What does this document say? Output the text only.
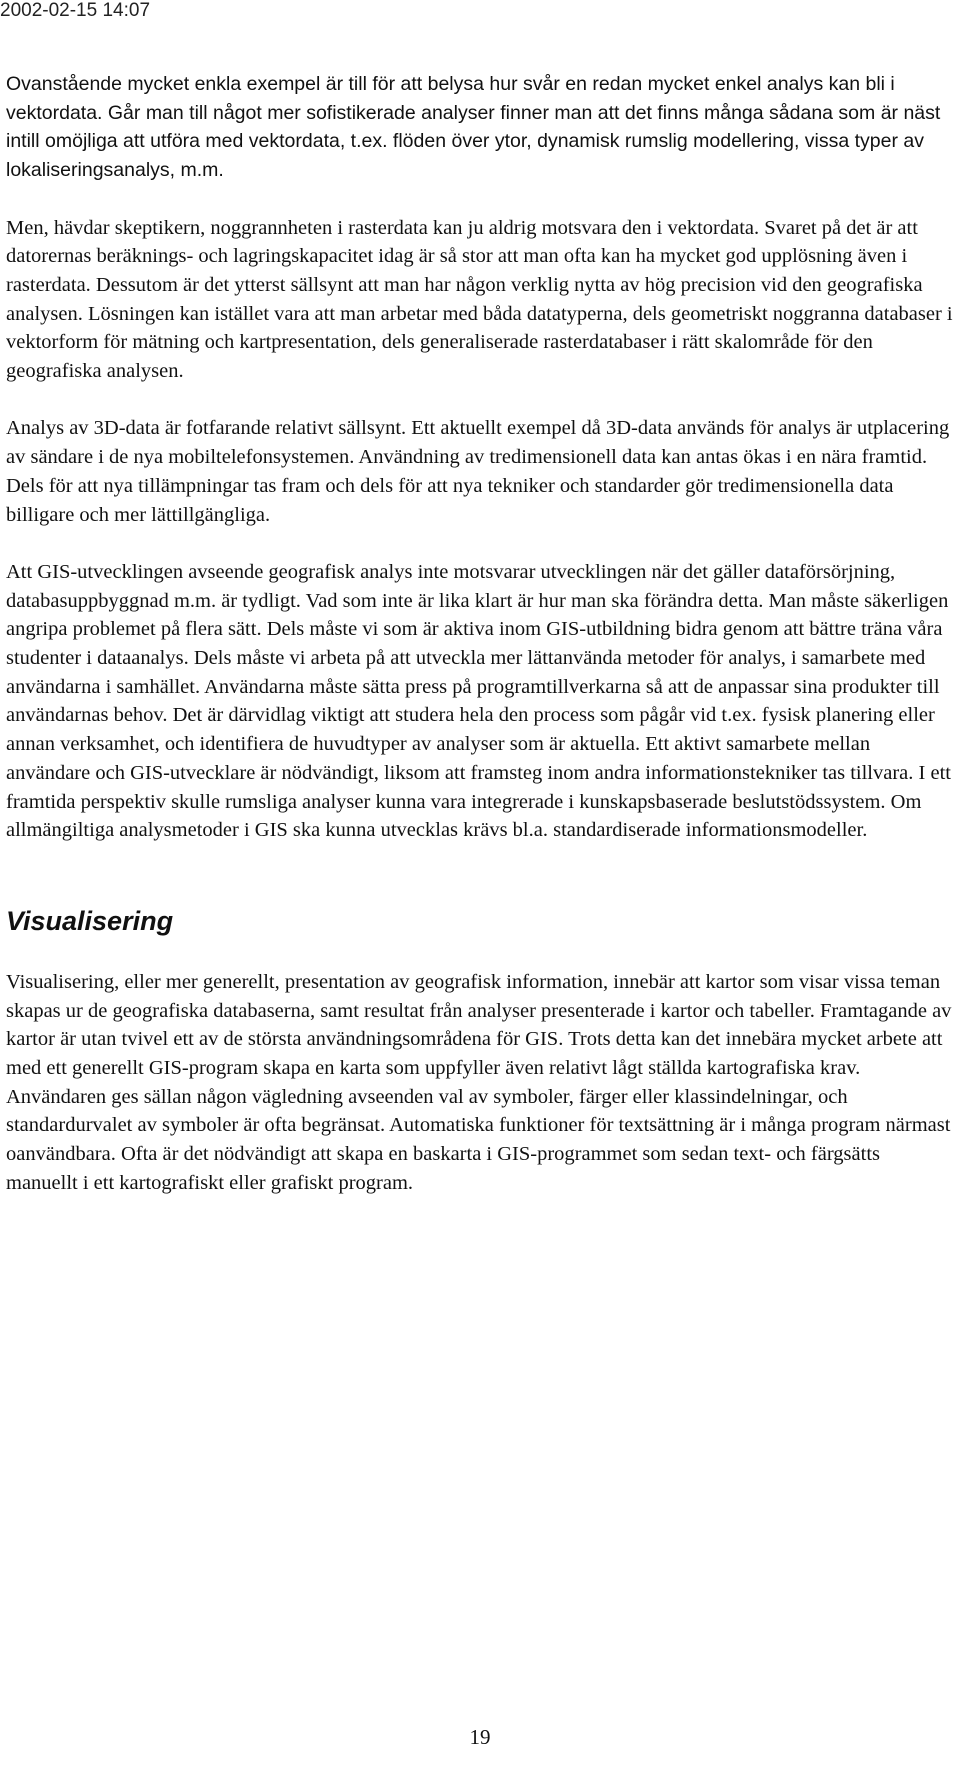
2002-02-15 14:07

Ovanstående mycket enkla exempel är till för att belysa hur svår en redan mycket enkel analys kan bli i vektordata. Går man till något mer sofistikerade analyser finner man att det finns många sådana som är näst intill omöjliga att utföra med vektordata, t.ex. flöden över ytor, dynamisk rumslig modellering, vissa typer av lokaliseringsanalys, m.m.

Men, hävdar skeptikern, noggrannheten i rasterdata kan ju aldrig motsvara den i vektordata. Svaret på det är att datorernas beräknings- och lagringskapacitet idag är så stor att man ofta kan ha mycket god upplösning även i rasterdata. Dessutom är det ytterst sällsynt att man har någon verklig nytta av hög precision vid den geografiska analysen. Lösningen kan istället vara att man arbetar med båda datatyperna, dels geometriskt noggranna databaser i vektorform för mätning och kartpresentation, dels generaliserade rasterdatabaser i rätt skalområde för den geografiska analysen.

Analys av 3D-data är fotfarande relativt sällsynt. Ett aktuellt exempel då 3D-data används för analys är utplacering av sändare i de nya mobiltelefonsystemen. Användning av tredimensionell data kan antas ökas i en nära framtid. Dels för att nya tillämpningar tas fram och dels för att nya tekniker och standarder gör tredimensionella data billigare och mer lättillgängliga.

Att GIS-utvecklingen avseende geografisk analys inte motsvarar utvecklingen när det gäller dataförsörjning, databasuppbyggnad m.m. är tydligt. Vad som inte är lika klart är hur man ska förändra detta. Man måste säkerligen angripa problemet på flera sätt. Dels måste vi som är aktiva inom GIS-utbildning bidra genom att bättre träna våra studenter i dataanalys. Dels måste vi arbeta på att utveckla mer lättanvända metoder för analys, i samarbete med användarna i samhället. Användarna måste sätta press på programtillverkarna så att de anpassar sina produkter till användarnas behov. Det är därvidlag viktigt att studera hela den process som pågår vid t.ex. fysisk planering eller annan verksamhet, och identifiera de huvudtyper av analyser som är aktuella. Ett aktivt samarbete mellan användare och GIS-utvecklare är nödvändigt, liksom att framsteg inom andra informationstekniker tas tillvara. I ett framtida perspektiv skulle rumsliga analyser kunna vara integrerade i kunskapsbaserade beslutstödssystem. Om allmängiltiga analysmetoder i GIS ska kunna utvecklas krävs bl.a. standardiserade informationsmodeller.

Visualisering

Visualisering, eller mer generellt, presentation av geografisk information, innebär att kartor som visar vissa teman skapas ur de geografiska databaserna, samt resultat från analyser presenterade i kartor och tabeller. Framtagande av kartor är utan tvivel ett av de största användningsområdena för GIS. Trots detta kan det innebära mycket arbete att med ett generellt GIS-program skapa en karta som uppfyller även relativt lågt ställda kartografiska krav. Användaren ges sällan någon vägledning avseenden val av symboler, färger eller klassindelningar, och standardurvalet av symboler är ofta begränsat. Automatiska funktioner för textsättning är i många program närmast oanvändbara. Ofta är det nödvändigt att skapa en baskarta i GIS-programmet som sedan text- och färgsätts manuellt i ett kartografiskt eller grafiskt program.

19
